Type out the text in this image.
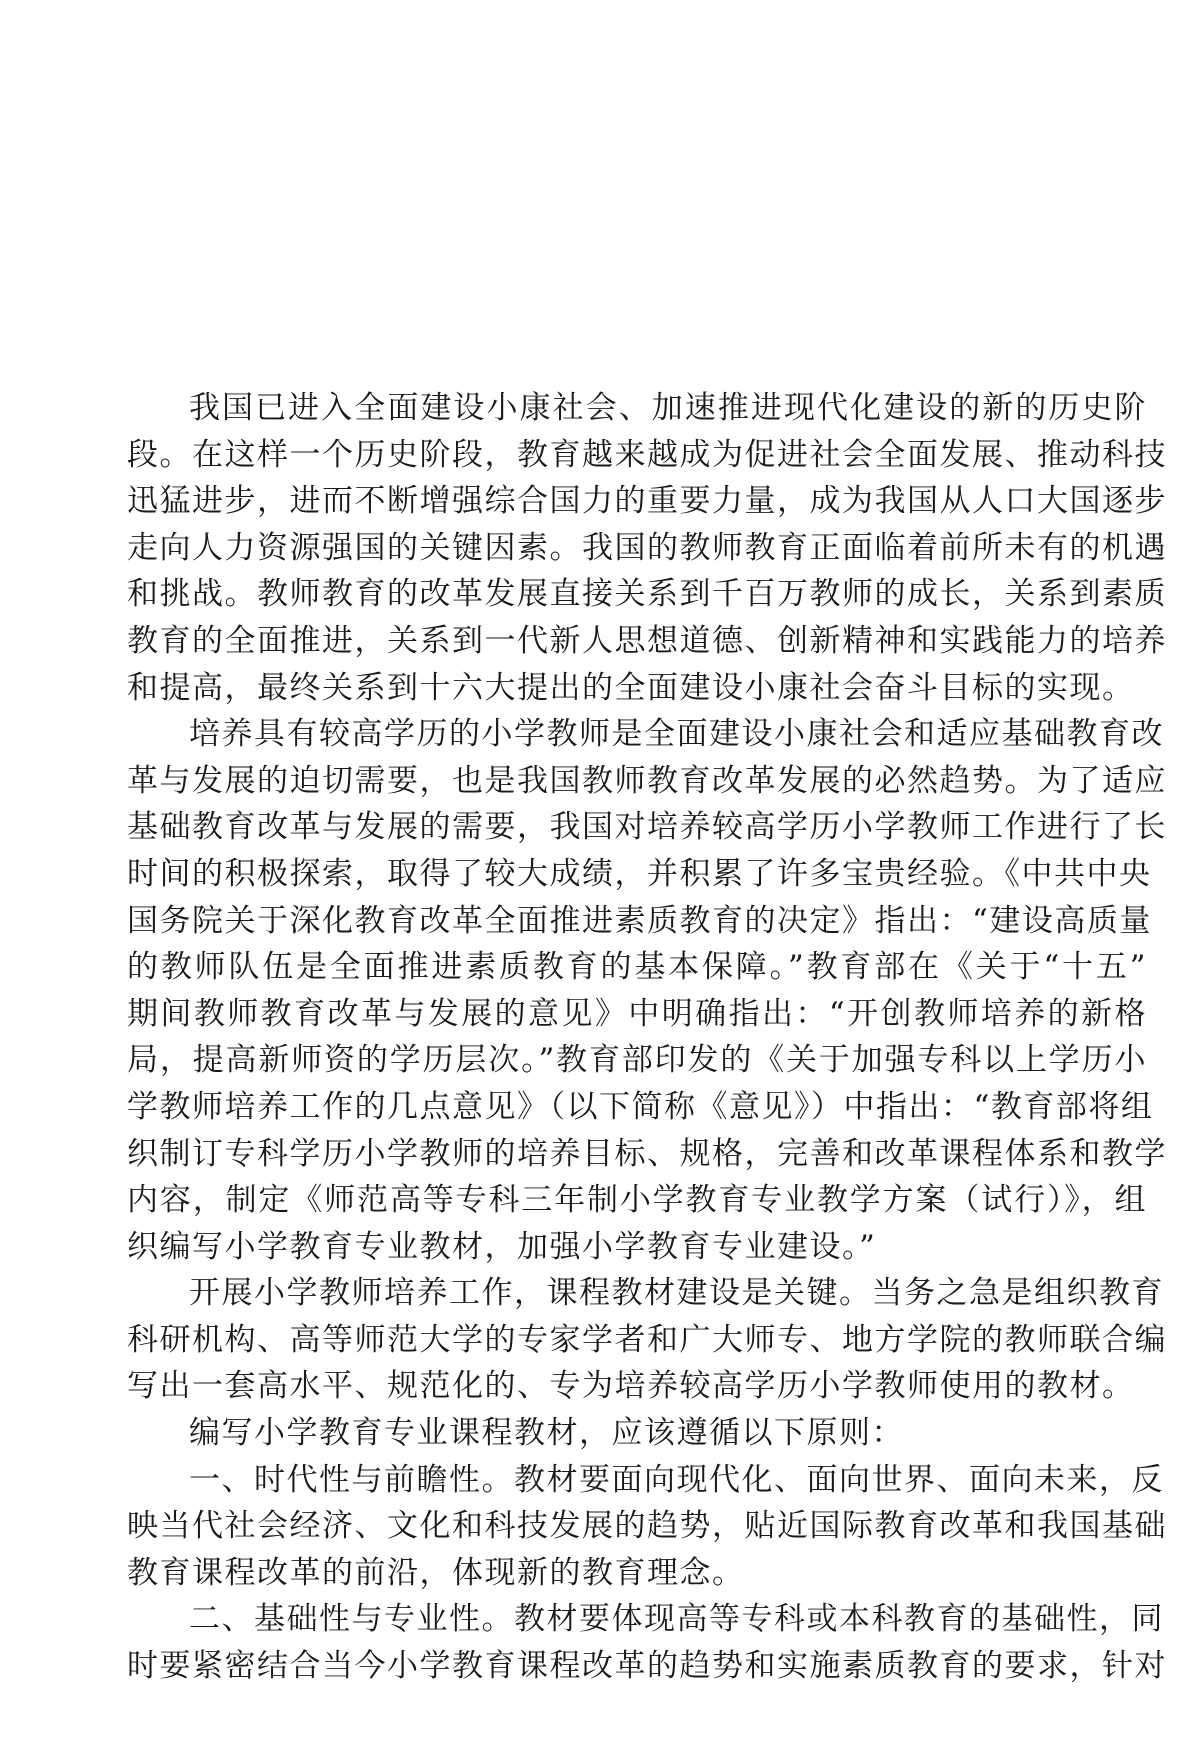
我国已进入全面建设小康社会、加速推进现代化建设的新的历史阶
段。在这样一个历史阶段，教育越来越成为促进社会全面发展、推动科技
迅猛进步，进而不断增强综合国力的重要力量，成为我国从人口大国逐步
走向人力资源强国的关键因素。我国的教师教育正面临着前所未有的机遇
和挑战。教师教育的改革发展直接关系到千百万教师的成长，关系到素质
教育的全面推进，关系到一代新人思想道德、创新精神和实践能力的培养
和提高，最终关系到十六大提出的全面建设小康社会奋斗目标的实现。

培养具有较高学历的小学教师是全面建设小康社会和适应基础教育改
革与发展的迫切需要，也是我国教师教育改革发展的必然趋势。为了适应
基础教育改革与发展的需要，我国对培养较高学历小学教师工作进行了长
时间的积极探索，取得了较大成绩，并积累了许多宝贵经验。《中共中央
国务院关于深化教育改革全面推进素质教育的决定》指出：“建设高质量
的教师队伍是全面推进素质教育的基本保障。”教育部在《关于“十五”
期间教师教育改革与发展的意见》中明确指出：“开创教师培养的新格
局，提高新师资的学历层次。”教育部印发的《关于加强专科以上学历小
学教师培养工作的几点意见》（以下简称《意见》）中指出：“教育部将组
织制订专科学历小学教师的培养目标、规格，完善和改革课程体系和教学
内容，制定《师范高等专科三年制小学教育专业教学方案（试行）》，组
织编写小学教育专业教材，加强小学教育专业建设。”

开展小学教师培养工作，课程教材建设是关键。当务之急是组织教育
科研机构、高等师范大学的专家学者和广大师专、地方学院的教师联合编
写出一套高水平、规范化的、专为培养较高学历小学教师使用的教材。

编写小学教育专业课程教材，应该遵循以下原则：

一、时代性与前瞻性。教材要面向现代化、面向世界、面向未来，反
映当代社会经济、文化和科技发展的趋势，贴近国际教育改革和我国基础
教育课程改革的前沿，体现新的教育理念。

二、基础性与专业性。教材要体现高等专科或本科教育的基础性，同
时要紧密结合当今小学教育课程改革的趋势和实施素质教育的要求，针对
